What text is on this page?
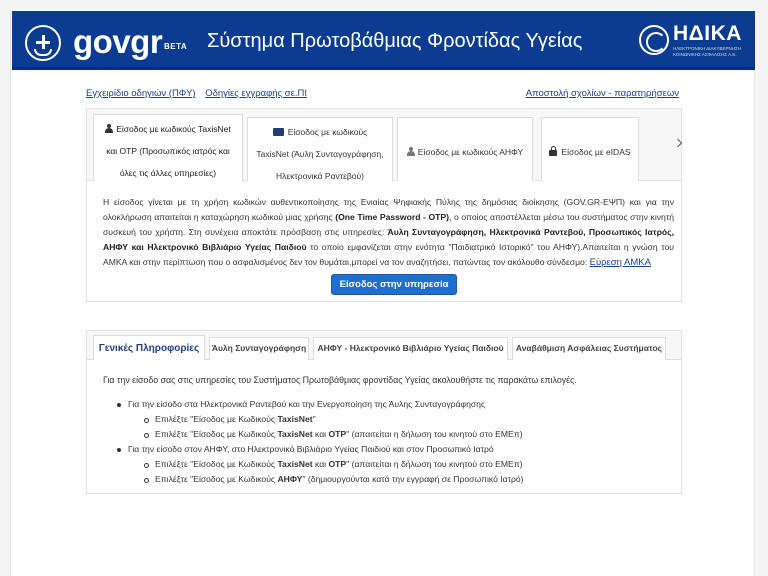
govgr BETA Σύστημα Πρωτοβάθμιας Φροντίδας Υγείας	ΗΔΙΚΑ
ΗΛΕΚΤΡΟΝΙΚΗ ΔΙΑΚΥΒΕΡΝΗΣΗ ΚΟΙΝΩΝΙΚΗΣ ΑΣΦΑΛΙΣΗΣ Α.Ε.
Εγχειρίδιο οδηγιών (ΠΦΥ) Οδηγίες εγγραφής σε.ΠΙ	Αποστολή σχολίων - παρατηρήσεων
Είσοδος με κωδικούς TaxisNet
και OTP (Προσωπικός ιατρός και
όλες τις άλλες υπηρεσίες)
Είσοδος με κωδικούς
TaxisNet (Άυλη Συνταγογράφηση,
Ηλεκτρονικά Ραντεβού)
Είσοδος με κωδικούς ΑΗΦΥ	Είσοδος με eIDAS

Η είσοδος γίνεται με τη χρήση κωδικών αυθεντικοποίησης της Ενιαίας Ψηφιακής Πύλης της δημόσιας διοίκησης (GOV.GR-ΕΨΠ) και για την ολοκλήρωση απαιτείται η καταχώρηση κωδικού μιας χρήσης (One Time Password - OTP), ο οποίος αποστέλλεται μέσω του συστήματος στην κινητή συσκευή του χρήστη. Στη συνέχεια αποκτάτε πρόσβαση στις υπηρεσίες: Άυλη Συνταγογράφηση, Ηλεκτρονικά Ραντεβού, Προσωπικός Ιατρός, ΑΗΦΥ και Ηλεκτρονικό Βιβλιάριο Υγείας Παιδιού το οποίο εμφανίζεται στην ενότητα "Παιδιατρικό Ιστορικό" του ΑΗΦΥ).Απαιτείται η γνώση του ΑΜΚΑ και στην περίπτωση που ο ασφαλισμένος δεν τον θυμάται,μπορεί να τον αναζητήσει, πατώντας τον ακόλουθο σύνδεσμο: Εύρεση ΑΜΚΑ

Είσοδος στην υπηρεσία
Γενικές Πληροφορίες	Άυλη Συνταγογράφηση	ΑΗΦΥ - Ηλεκτρονικό Βιβλιάριο Υγείας Παιδιού	Αναβάθμιση Ασφάλειας Συστήματος
Για την είσοδο σας στις υπηρεσίες του Συστήματος Πρωτοβάθμιας φροντίδας Υγείας ακολουθήστε τις παρακάτω επιλογές.
Για την είσοδο στα Ηλεκτρονικά Ραντεβού και την Ενεργοποίηση της Άυλης Συνταγογράφησης
Επιλέξτε "Είσοδος με Κωδικούς TaxisNet"
Επιλέξτε "Είσοδος με Κωδικούς TaxisNet και OTP" (απαιτείται η δήλωση του κινητού στο ΕΜΕπ)
Για την είσοδο στον ΑΗΦΥ, στο Ηλεκτρονικό Βιβλιάριο Υγείας Παιδιού και στον Προσωπικό Ιατρό
Επιλέξτε "Είσοδος με Κωδικούς TaxisNet και OTP" (απαιτείται η δήλωση του κινητού στο ΕΜΕπ)
Επιλέξτε "Είσοδος με Κωδικούς ΑΗΦΥ" (δημιουργούνται κατά την εγγραφή σε Προσωπικό Ιατρό)
